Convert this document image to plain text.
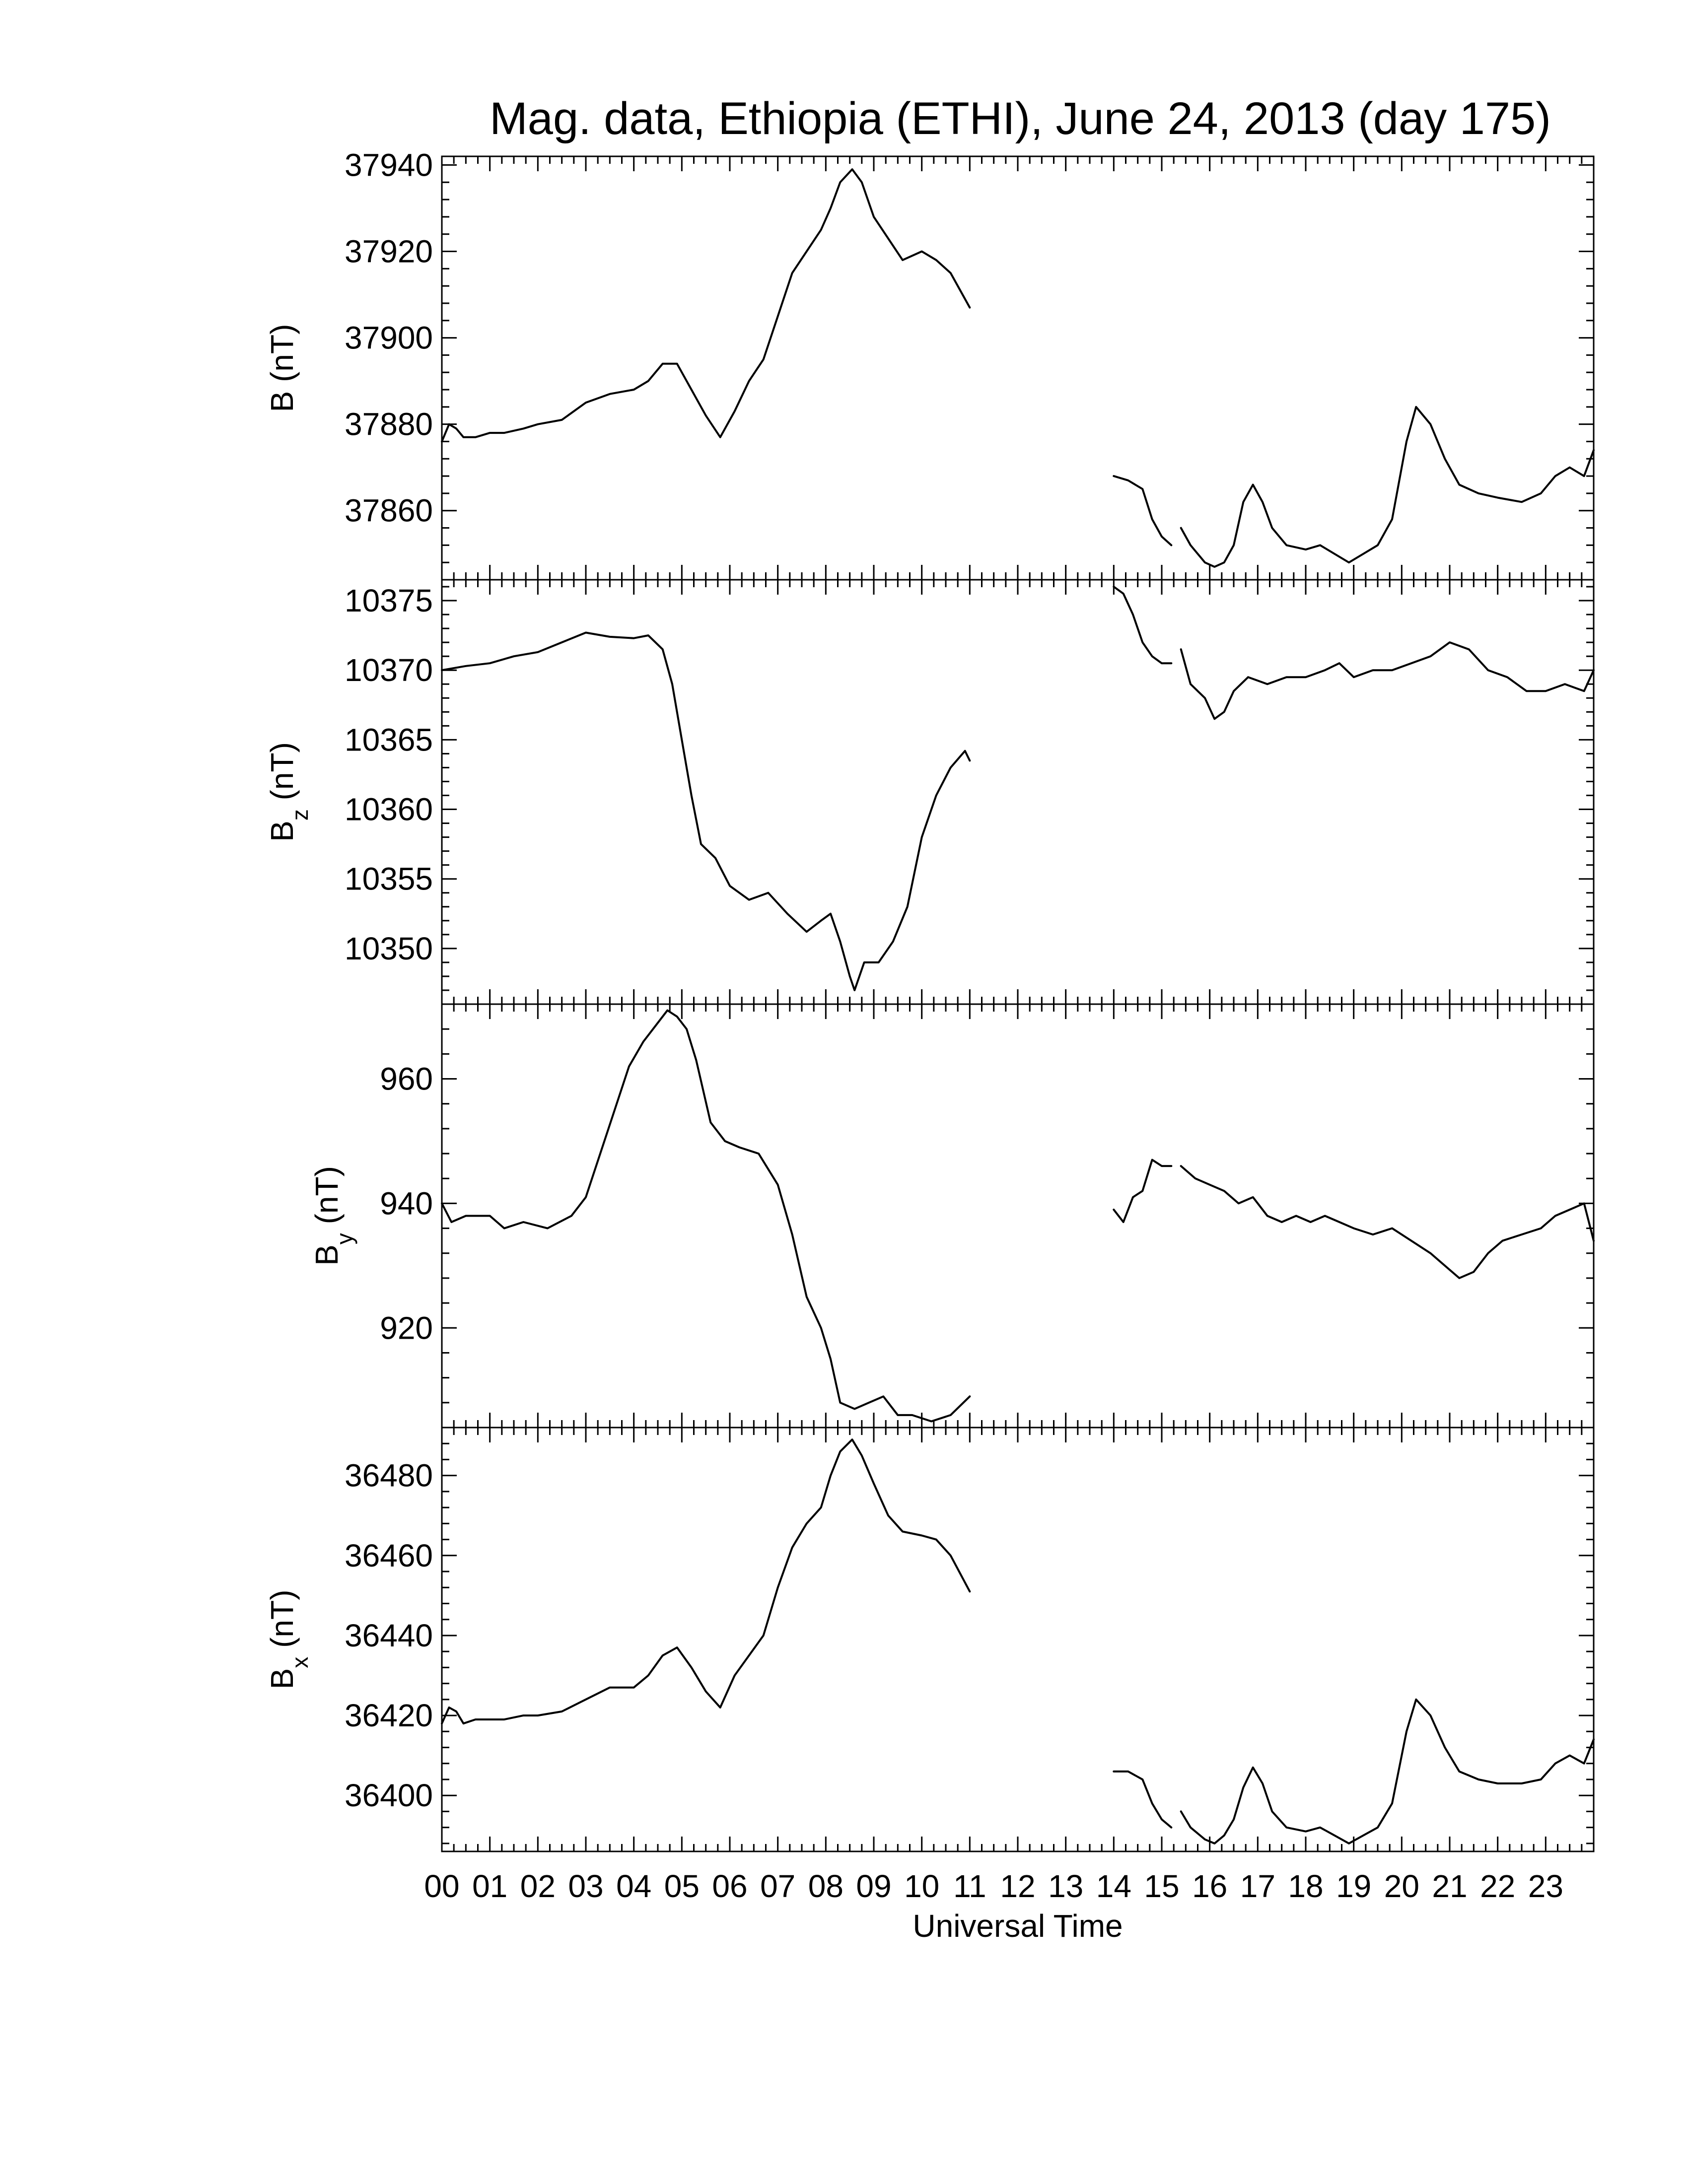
Mag. data, Ethiopia (ETHI), June 24, 2013 (day 175)
Universal Time
37860
37880
37900
37920
37940
B (nT)
10350
10355
10360
10365
10370
10375
$B_z$ (nT)
920
940
960
$B_y$ (nT)
36400
36420
36440
36460
36480
$B_x$ (nT)
00 01 02 03 04 05 06 07 08 09 10 11 12 13 14 15 16 17 18 19 20 21 22 23
